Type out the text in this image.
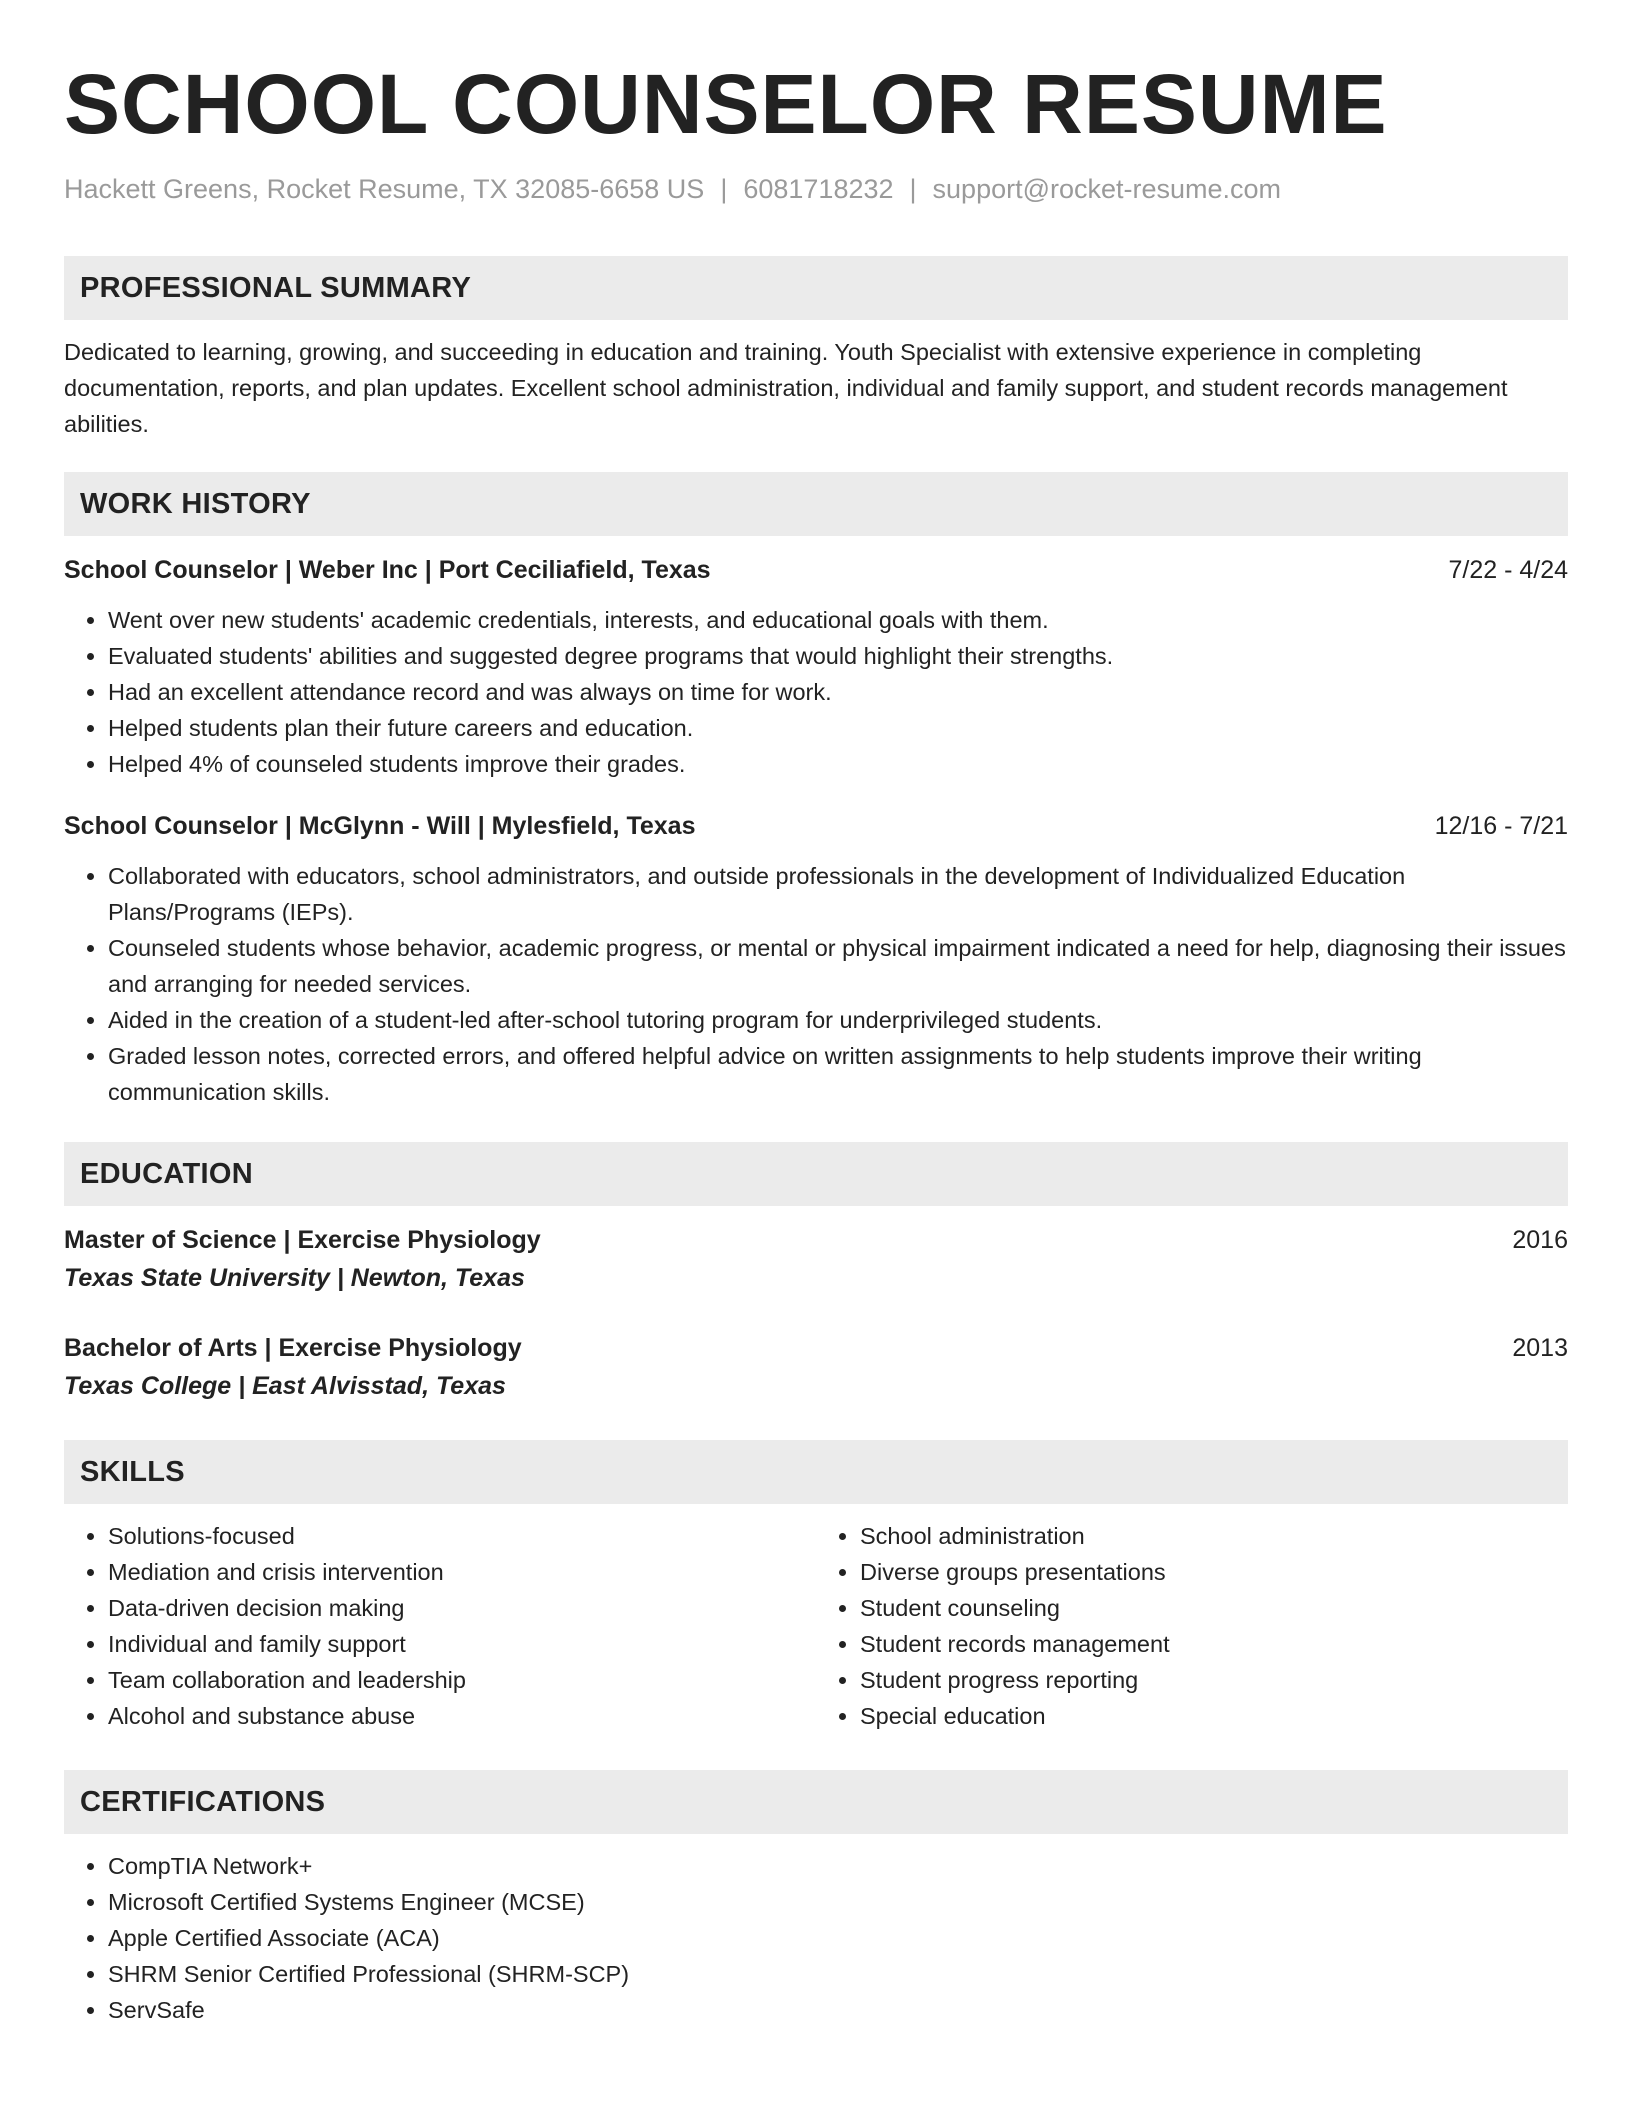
SCHOOL COUNSELOR RESUME
Hackett Greens, Rocket Resume, TX 32085-6658 US | 6081718232 | support@rocket-resume.com
PROFESSIONAL SUMMARY

Dedicated to learning, growing, and succeeding in education and training. Youth Specialist with extensive experience in completing documentation, reports, and plan updates. Excellent school administration, individual and family support, and student records management abilities.

WORK HISTORY
School Counselor | Weber Inc | Port Ceciliafield, Texas	7/22 - 4/24
• Went over new students' academic credentials, interests, and educational goals with them.
• Evaluated students' abilities and suggested degree programs that would highlight their strengths.
• Had an excellent attendance record and was always on time for work.
• Helped students plan their future careers and education.
• Helped 4% of counseled students improve their grades.
School Counselor | McGlynn - Will | Mylesfield, Texas	12/16 - 7/21
• Collaborated with educators, school administrators, and outside professionals in the development of Individualized Education Plans/Programs (IEPs).
• Counseled students whose behavior, academic progress, or mental or physical impairment indicated a need for help, diagnosing their issues and arranging for needed services.
• Aided in the creation of a student-led after-school tutoring program for underprivileged students.
• Graded lesson notes, corrected errors, and offered helpful advice on written assignments to help students improve their writing communication skills.
EDUCATION
Master of Science | Exercise Physiology	2016
Texas State University | Newton, Texas
Bachelor of Arts | Exercise Physiology	2013
Texas College | East Alvisstad, Texas
SKILLS
• Solutions-focused
• Mediation and crisis intervention
• Data-driven decision making
• Individual and family support
• Team collaboration and leadership
• Alcohol and substance abuse
• School administration
• Diverse groups presentations
• Student counseling
• Student records management
• Student progress reporting
• Special education
CERTIFICATIONS
• CompTIA Network+
• Microsoft Certified Systems Engineer (MCSE)
• Apple Certified Associate (ACA)
• SHRM Senior Certified Professional (SHRM-SCP)
• ServSafe
